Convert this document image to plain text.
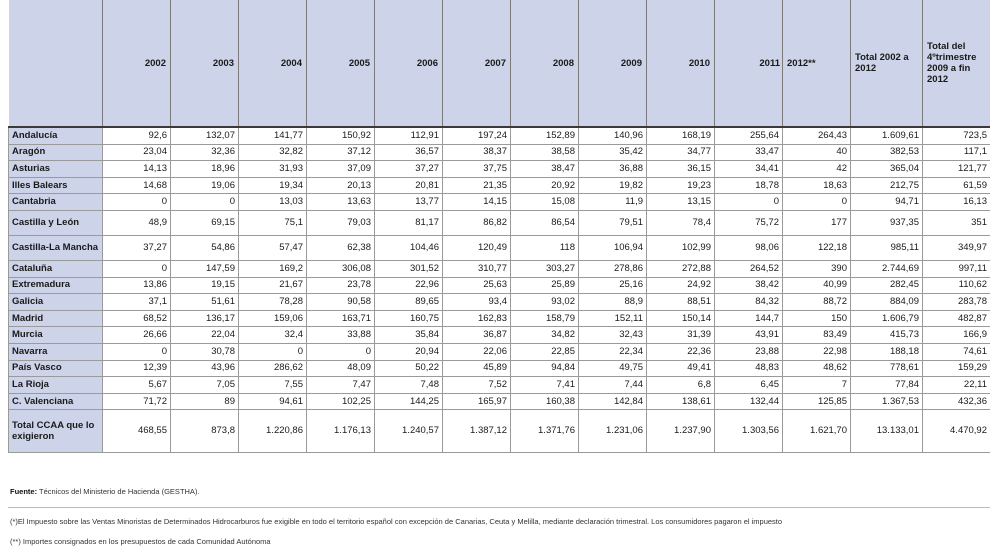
	2002	2003	2004	2005	2006	2007	2008	2009	2010	2011	2012**	Total 2002 a 2012	Total del 4ºtrimestre 2009 a fin 2012
Andalucía	92,6	132,07	141,77	150,92	112,91	197,24	152,89	140,96	168,19	255,64	264,43	1.609,61	723,5
Aragón	23,04	32,36	32,82	37,12	36,57	38,37	38,58	35,42	34,77	33,47	40	382,53	117,1
Asturias	14,13	18,96	31,93	37,09	37,27	37,75	38,47	36,88	36,15	34,41	42	365,04	121,77
Illes Balears	14,68	19,06	19,34	20,13	20,81	21,35	20,92	19,82	19,23	18,78	18,63	212,75	61,59
Cantabria	0	0	13,03	13,63	13,77	14,15	15,08	11,9	13,15	0	0	94,71	16,13
Castilla y León	48,9	69,15	75,1	79,03	81,17	86,82	86,54	79,51	78,4	75,72	177	937,35	351
Castilla-La Mancha	37,27	54,86	57,47	62,38	104,46	120,49	118	106,94	102,99	98,06	122,18	985,11	349,97
Cataluña	0	147,59	169,2	306,08	301,52	310,77	303,27	278,86	272,88	264,52	390	2.744,69	997,11
Extremadura	13,86	19,15	21,67	23,78	22,96	25,63	25,89	25,16	24,92	38,42	40,99	282,45	110,62
Galicia	37,1	51,61	78,28	90,58	89,65	93,4	93,02	88,9	88,51	84,32	88,72	884,09	283,78
Madrid	68,52	136,17	159,06	163,71	160,75	162,83	158,79	152,11	150,14	144,7	150	1.606,79	482,87
Murcia	26,66	22,04	32,4	33,88	35,84	36,87	34,82	32,43	31,39	43,91	83,49	415,73	166,9
Navarra	0	30,78	0	0	20,94	22,06	22,85	22,34	22,36	23,88	22,98	188,18	74,61
País Vasco	12,39	43,96	286,62	48,09	50,22	45,89	94,84	49,75	49,41	48,83	48,62	778,61	159,29
La Rioja	5,67	7,05	7,55	7,47	7,48	7,52	7,41	7,44	6,8	6,45	7	77,84	22,11
C. Valenciana	71,72	89	94,61	102,25	144,25	165,97	160,38	142,84	138,61	132,44	125,85	1.367,53	432,36
Total CCAA que lo exigieron	468,55	873,8	1.220,86	1.176,13	1.240,57	1.387,12	1.371,76	1.231,06	1.237,90	1.303,56	1.621,70	13.133,01	4.470,92
Fuente: Técnicos del Ministerio de Hacienda (GESTHA).
(*)El Impuesto sobre las Ventas Minoristas de Determinados Hidrocarburos fue exigible en todo el territorio español con excepción de Canarias, Ceuta y Melilla, mediante declaración trimestral. Los consumidores pagaron el impuesto
(**) Importes consignados en los presupuestos de cada Comunidad Autónoma
